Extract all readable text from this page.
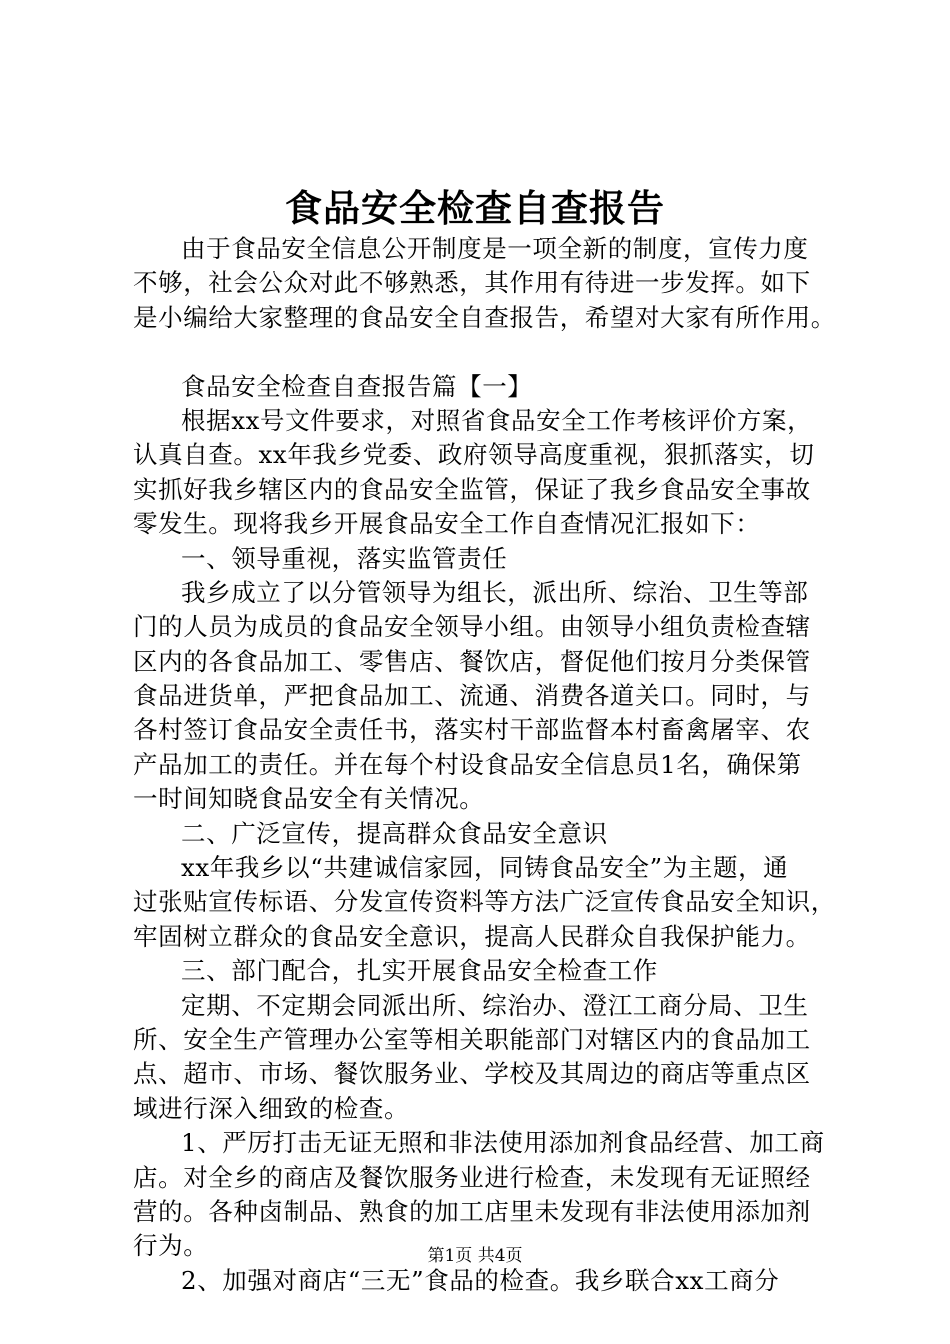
食品安全检查自查报告
由于食品安全信息公开制度是一项全新的制度，宣传力度
不够，社会公众对此不够熟悉，其作用有待进一步发挥。如下
是小编给大家整理的食品安全自查报告，希望对大家有所作用。
食品安全检查自查报告篇【一】
根据xx号文件要求，对照省食品安全工作考核评价方案，
认真自查。xx年我乡党委、政府领导高度重视，狠抓落实，切
实抓好我乡辖区内的食品安全监管，保证了我乡食品安全事故
零发生。现将我乡开展食品安全工作自查情况汇报如下：
一、领导重视，落实监管责任
我乡成立了以分管领导为组长，派出所、综治、卫生等部
门的人员为成员的食品安全领导小组。由领导小组负责检查辖
区内的各食品加工、零售店、餐饮店，督促他们按月分类保管
食品进货单，严把食品加工、流通、消费各道关口。同时，与
各村签订食品安全责任书，落实村干部监督本村畜禽屠宰、农
产品加工的责任。并在每个村设食品安全信息员1名，确保第
一时间知晓食品安全有关情况。
二、广泛宣传，提高群众食品安全意识
xx年我乡以“共建诚信家园，同铸食品安全”为主题，通
过张贴宣传标语、分发宣传资料等方法广泛宣传食品安全知识，
牢固树立群众的食品安全意识，提高人民群众自我保护能力。
三、部门配合，扎实开展食品安全检查工作
定期、不定期会同派出所、综治办、澄江工商分局、卫生
所、安全生产管理办公室等相关职能部门对辖区内的食品加工
点、超市、市场、餐饮服务业、学校及其周边的商店等重点区
域进行深入细致的检查。
1、严厉打击无证无照和非法使用添加剂食品经营、加工商
店。对全乡的商店及餐饮服务业进行检查，未发现有无证照经
营的。各种卤制品、熟食的加工店里未发现有非法使用添加剂
行为。
2、加强对商店“三无”食品的检查。我乡联合xx工商分
第1页 共4页
